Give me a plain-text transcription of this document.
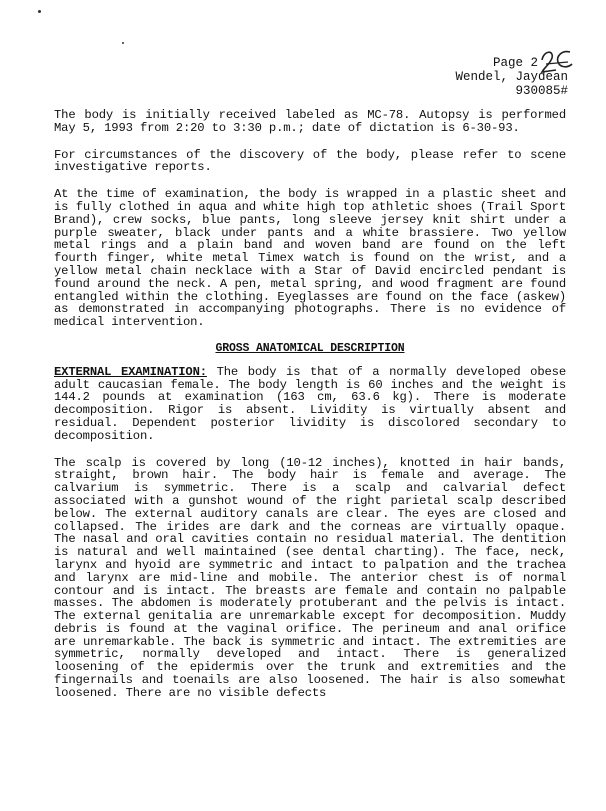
Page 2
Wendel, Jaydean
930085#

The body is initially received labeled as MC-78. Autopsy is performed May 5, 1993 from 2:20 to 3:30 p.m.; date of dictation is 6-30-93.

For circumstances of the discovery of the body, please refer to scene investigative reports.

At the time of examination, the body is wrapped in a plastic sheet and is fully clothed in aqua and white high top athletic shoes (Trail Sport Brand), crew socks, blue pants, long sleeve jersey knit shirt under a purple sweater, black under pants and a white brassiere. Two yellow metal rings and a plain band and woven band are found on the left fourth finger, white metal Timex watch is found on the wrist, and a yellow metal chain necklace with a Star of David encircled pendant is found around the neck. A pen, metal spring, and wood fragment are found entangled within the clothing. Eyeglasses are found on the face (askew) as demonstrated in accompanying photographs. There is no evidence of medical intervention.

GROSS ANATOMICAL DESCRIPTION

EXTERNAL EXAMINATION: The body is that of a normally developed obese adult caucasian female. The body length is 60 inches and the weight is 144.2 pounds at examination (163 cm, 63.6 kg). There is moderate decomposition. Rigor is absent. Lividity is virtually absent and residual. Dependent posterior lividity is discolored secondary to decomposition.

The scalp is covered by long (10-12 inches), knotted in hair bands, straight, brown hair. The body hair is female and average. The calvarium is symmetric. There is a scalp and calvarial defect associated with a gunshot wound of the right parietal scalp described below. The external auditory canals are clear. The eyes are closed and collapsed. The irides are dark and the corneas are virtually opaque. The nasal and oral cavities contain no residual material. The dentition is natural and well maintained (see dental charting). The face, neck, larynx and hyoid are symmetric and intact to palpation and the trachea and larynx are mid-line and mobile. The anterior chest is of normal contour and is intact. The breasts are female and contain no palpable masses. The abdomen is moderately protuberant and the pelvis is intact. The external genitalia are unremarkable except for decomposition. Muddy debris is found at the vaginal orifice. The perineum and anal orifice are unremarkable. The back is symmetric and intact. The extremities are symmetric, normally developed and intact. There is generalized loosening of the epidermis over the trunk and extremities and the fingernails and toenails are also loosened. The hair is also somewhat loosened. There are no visible defects
